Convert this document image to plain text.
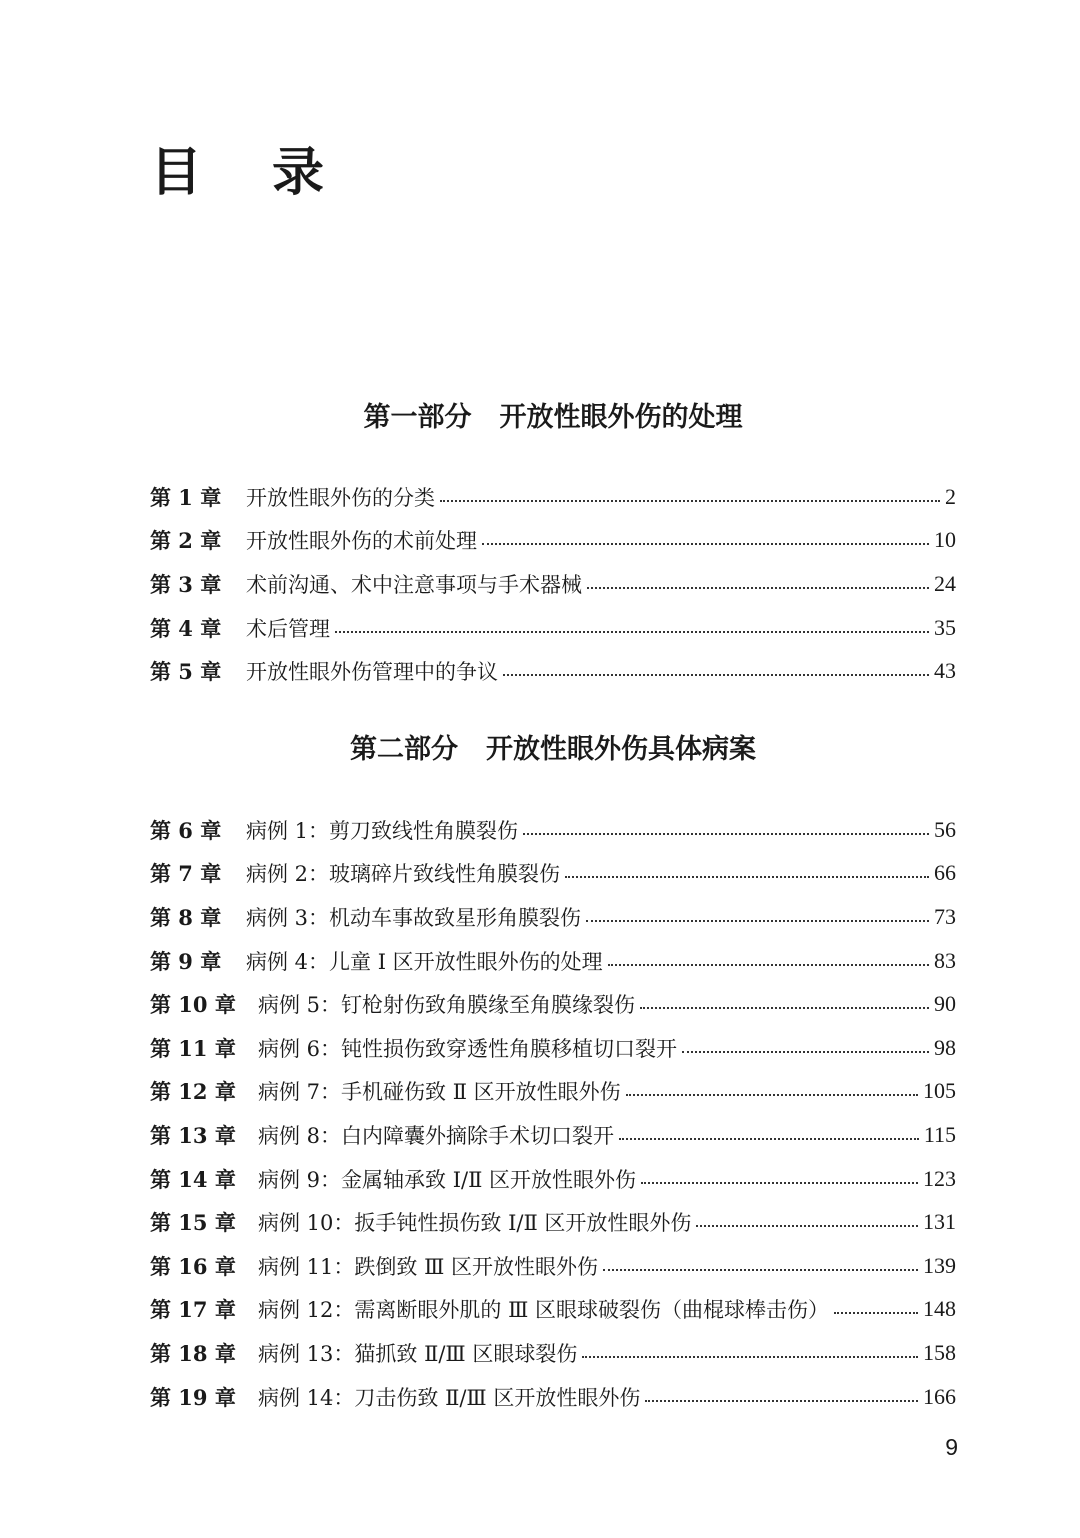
目 录
第一部分 开放性眼外伤的处理
第 1 章	开放性眼外伤的分类	2
第 2 章	开放性眼外伤的术前处理	10
第 3 章	术前沟通、术中注意事项与手术器械	24
第 4 章	术后管理	35
第 5 章	开放性眼外伤管理中的争议	43
第二部分 开放性眼外伤具体病案
第 6 章	病例 1：剪刀致线性角膜裂伤	56
第 7 章	病例 2：玻璃碎片致线性角膜裂伤	66
第 8 章	病例 3：机动车事故致星形角膜裂伤	73
第 9 章	病例 4：儿童 Ⅰ 区开放性眼外伤的处理	83
第 10 章	病例 5：钉枪射伤致角膜缘至角膜缘裂伤	90
第 11 章	病例 6：钝性损伤致穿透性角膜移植切口裂开	98
第 12 章	病例 7：手机碰伤致 Ⅱ 区开放性眼外伤	105
第 13 章	病例 8：白内障囊外摘除手术切口裂开	115
第 14 章	病例 9：金属轴承致 Ⅰ/Ⅱ 区开放性眼外伤	123
第 15 章	病例 10：扳手钝性损伤致 Ⅰ/Ⅱ 区开放性眼外伤	131
第 16 章	病例 11：跌倒致 Ⅲ 区开放性眼外伤	139
第 17 章	病例 12：需离断眼外肌的 Ⅲ 区眼球破裂伤（曲棍球棒击伤）	148
第 18 章	病例 13：猫抓致 Ⅱ/Ⅲ 区眼球裂伤	158
第 19 章	病例 14：刀击伤致 Ⅱ/Ⅲ 区开放性眼外伤	166
9
